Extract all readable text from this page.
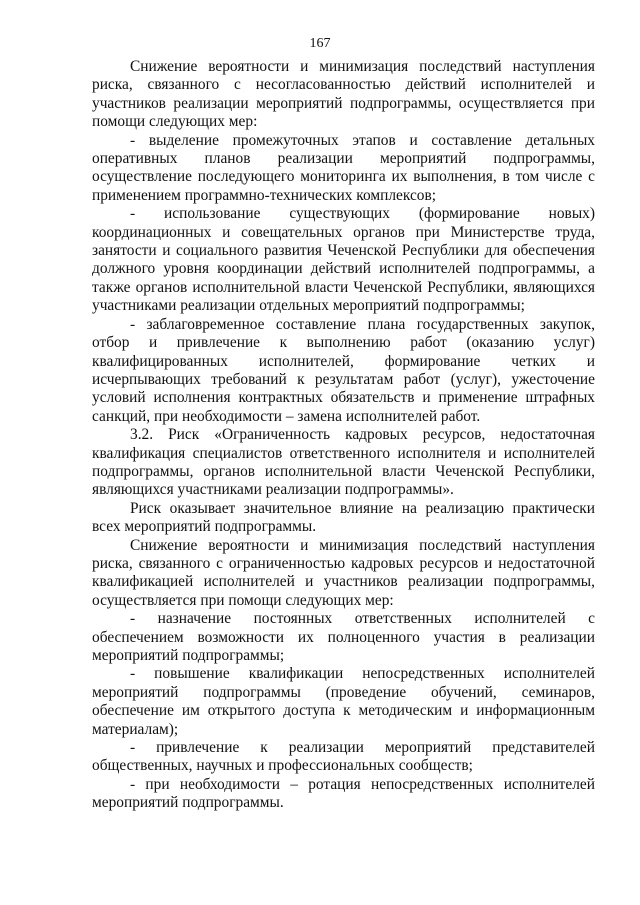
167

Снижение вероятности и минимизация последствий наступления риска, связанного с несогласованностью действий исполнителей и участников реализации мероприятий подпрограммы, осуществляется при помощи следующих мер:

- выделение промежуточных этапов и составление детальных оперативных планов реализации мероприятий подпрограммы, осуществление последующего мониторинга их выполнения, в том числе с применением программно-технических комплексов;

- использование существующих (формирование новых) координационных и совещательных органов при Министерстве труда, занятости и социального развития Чеченской Республики для обеспечения должного уровня координации действий исполнителей подпрограммы, а также органов исполнительной власти Чеченской Республики, являющихся участниками реализации отдельных мероприятий подпрограммы;

- заблаговременное составление плана государственных закупок, отбор и привлечение к выполнению работ (оказанию услуг) квалифицированных исполнителей, формирование четких и исчерпывающих требований к результатам работ (услуг), ужесточение условий исполнения контрактных обязательств и применение штрафных санкций, при необходимости – замена исполнителей работ.

3.2. Риск «Ограниченность кадровых ресурсов, недостаточная квалификация специалистов ответственного исполнителя и исполнителей подпрограммы, органов исполнительной власти Чеченской Республики, являющихся участниками реализации подпрограммы».

Риск оказывает значительное влияние на реализацию практически всех мероприятий подпрограммы.

Снижение вероятности и минимизация последствий наступления риска, связанного с ограниченностью кадровых ресурсов и недостаточной квалификацией исполнителей и участников реализации подпрограммы, осуществляется при помощи следующих мер:

- назначение постоянных ответственных исполнителей с обеспечением возможности их полноценного участия в реализации мероприятий подпрограммы;

- повышение квалификации непосредственных исполнителей мероприятий подпрограммы (проведение обучений, семинаров, обеспечение им открытого доступа к методическим и информационным материалам);

- привлечение к реализации мероприятий представителей общественных, научных и профессиональных сообществ;

- при необходимости – ротация непосредственных исполнителей мероприятий подпрограммы.
